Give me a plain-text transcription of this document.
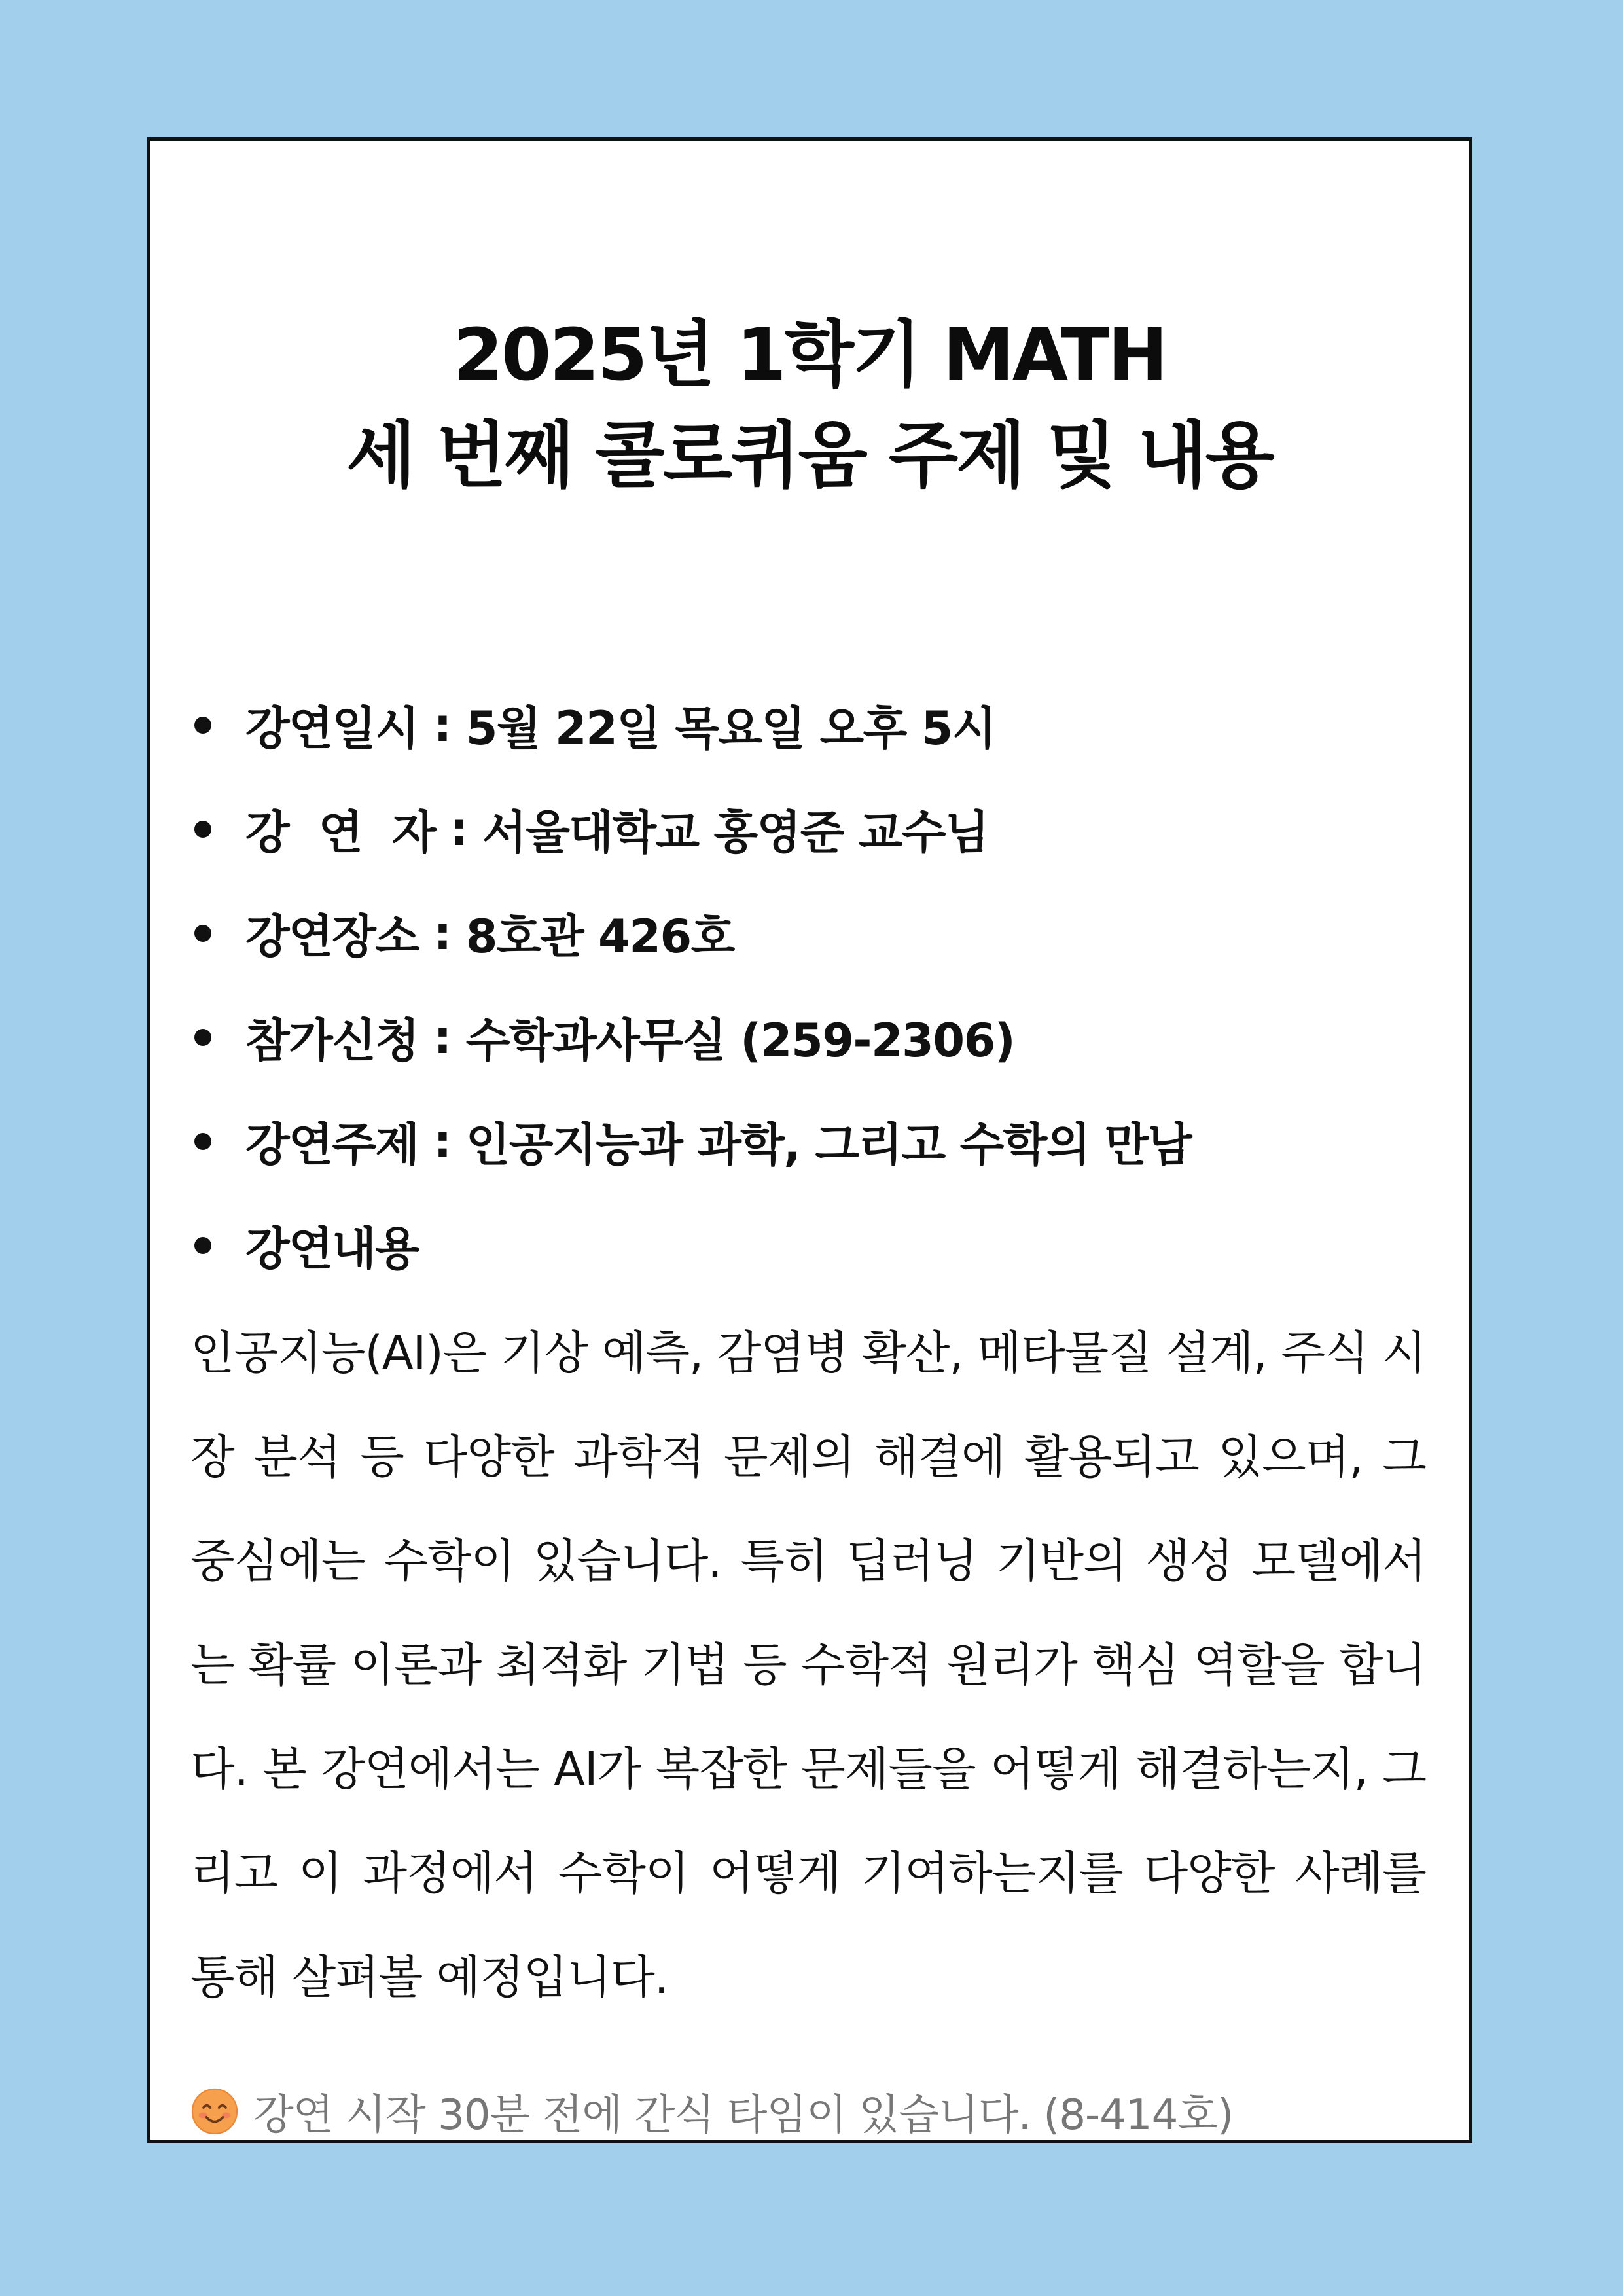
2025년 1학기 MATH
세 번째 콜로퀴움 주제 및 내용
강연일시 : 5월 22일 목요일 오후 5시
강  연  자 : 서울대학교 홍영준 교수님
강연장소 : 8호관 426호
참가신청 : 수학과사무실 (259-2306)
강연주제 : 인공지능과 과학, 그리고 수학의 만남
강연내용

인공지능(AI)은 기상 예측, 감염병 확산, 메타물질 설계, 주식 시장 분석 등 다양한 과학적 문제의 해결에 활용되고 있으며, 그 중심에는 수학이 있습니다. 특히 딥러닝 기반의 생성 모델에서는 확률 이론과 최적화 기법 등 수학적 원리가 핵심 역할을 합니다. 본 강연에서는 AI가 복잡한 문제들을 어떻게 해결하는지, 그리고 이 과정에서 수학이 어떻게 기여하는지를 다양한 사례를 통해 살펴볼 예정입니다.

강연 시작 30분 전에 간식 타임이 있습니다. (8-414호)
